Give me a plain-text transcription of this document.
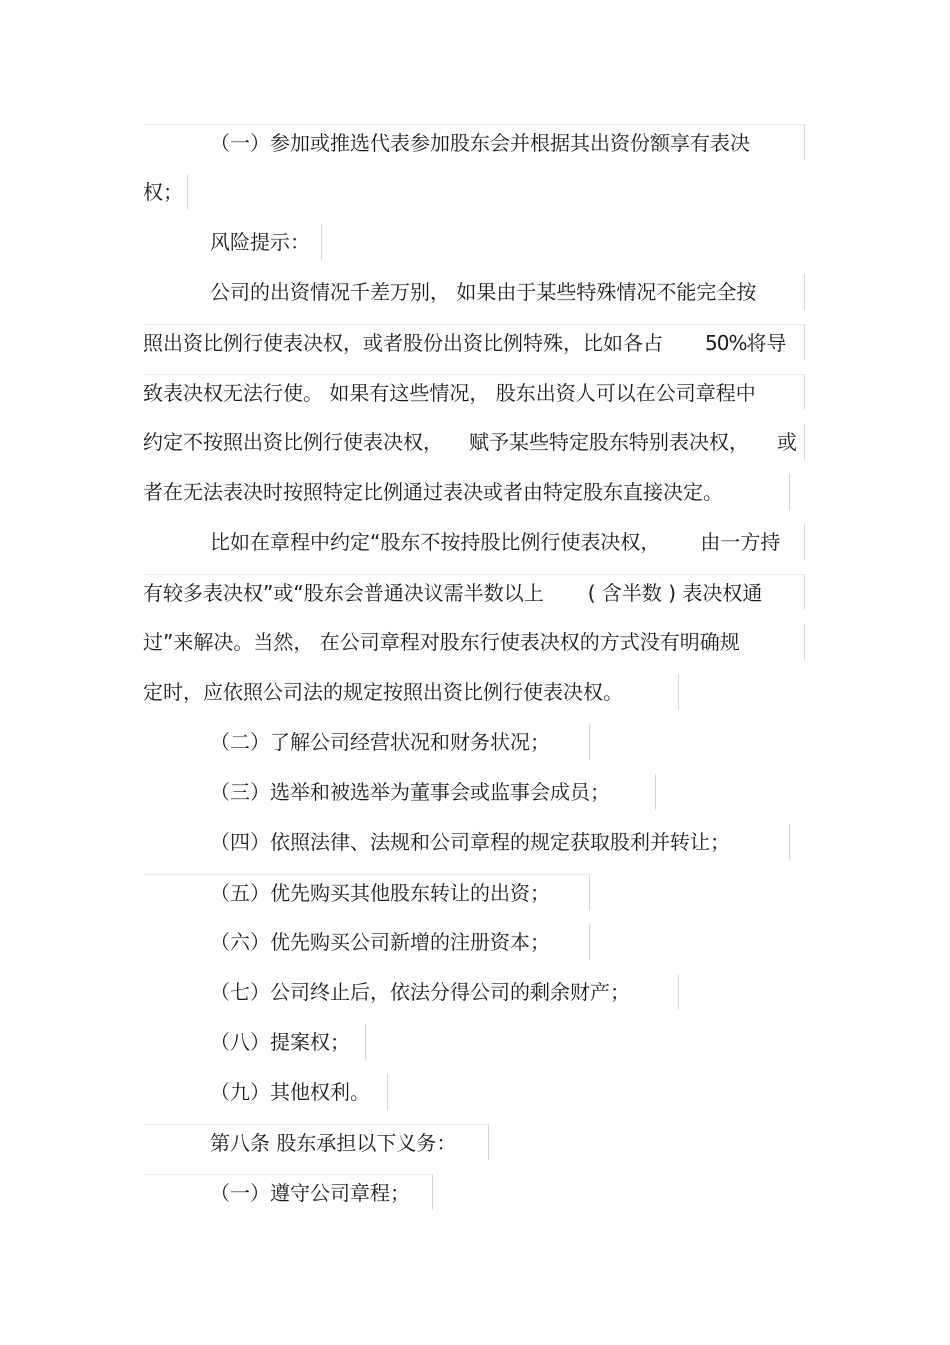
（一）参加或推选代表参加股东会并根据其出资份额享有表决
权；
风险提示：
公司的出资情况千差万别， 如果由于某些特殊情况不能完全按
照出资比例行使表决权，或者股份出资比例特殊，比如各占 50%将导
致表决权无法行使。 如果有这些情况， 股东出资人可以在公司章程中
约定不按照出资比例行使表决权， 赋予某些特定股东特别表决权， 或
者在无法表决时按照特定比例通过表决或者由特定股东直接决定。
比如在章程中约定“股东不按持股比例行使表决权， 由一方持
有较多表决权”或“股东会普通决议需半数以上 ( 含半数 ) 表决权通
过”来解决。当然， 在公司章程对股东行使表决权的方式没有明确规
定时，应依照公司法的规定按照出资比例行使表决权。
（二）了解公司经营状况和财务状况；
（三）选举和被选举为董事会或监事会成员；
（四）依照法律、法规和公司章程的规定获取股利并转让；
（五）优先购买其他股东转让的出资；
（六）优先购买公司新增的注册资本；
（七）公司终止后，依法分得公司的剩余财产；
（八）提案权；
（九）其他权利。
第八条 股东承担以下义务：
（一）遵守公司章程；
